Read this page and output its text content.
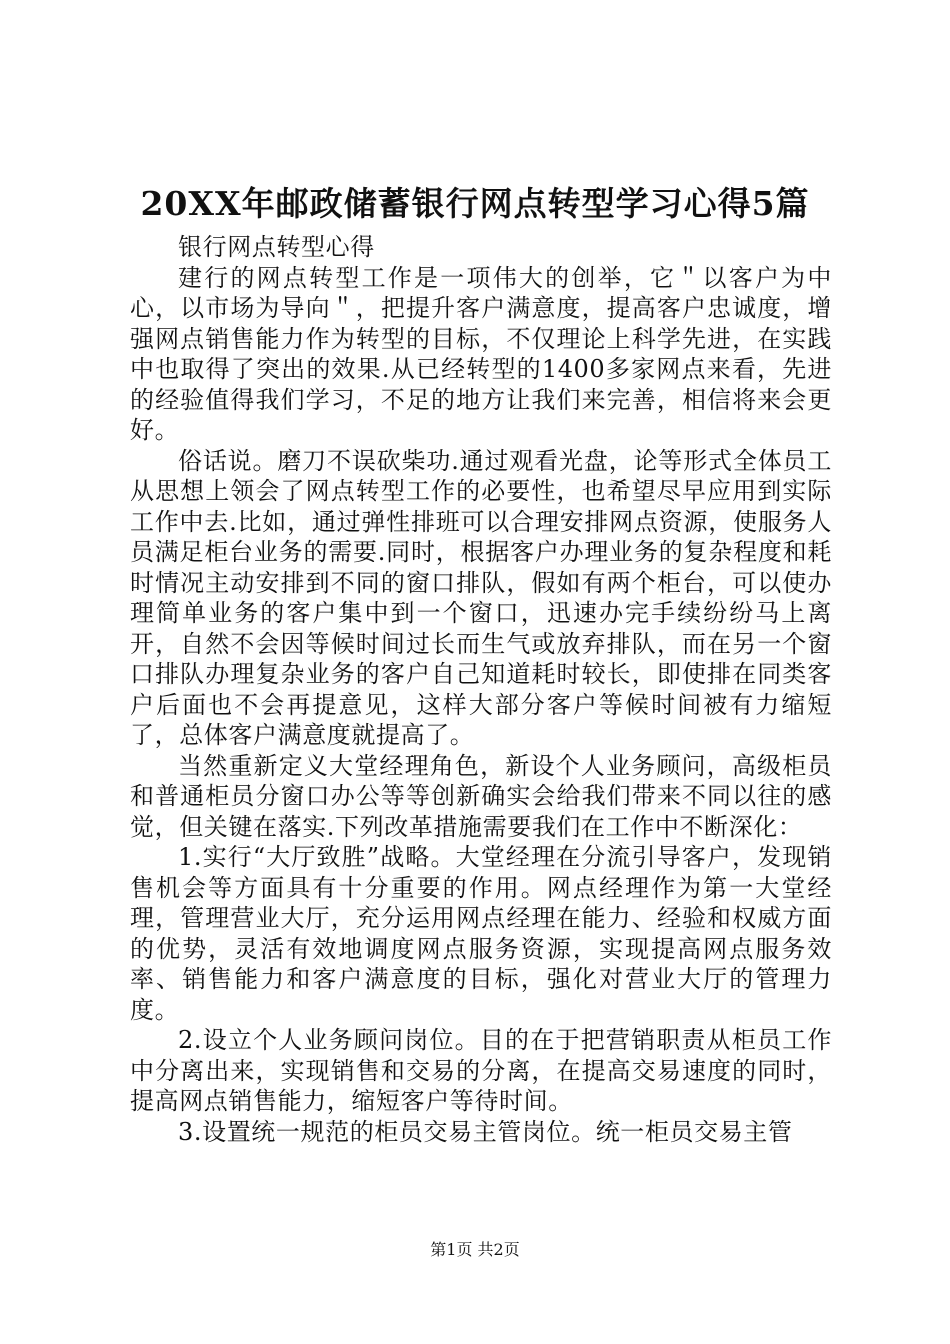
20XX年邮政储蓄银行网点转型学习心得5篇

银行网点转型心得

建行的网点转型工作是一项伟大的创举，它＂以客户为中心，以市场为导向＂，把提升客户满意度，提高客户忠诚度，增强网点销售能力作为转型的目标，不仅理论上科学先进，在实践中也取得了突出的效果.从已经转型的1400多家网点来看，先进的经验值得我们学习，不足的地方让我们来完善，相信将来会更好。

俗话说。磨刀不误砍柴功.通过观看光盘，论等形式全体员工从思想上领会了网点转型工作的必要性，也希望尽早应用到实际工作中去.比如，通过弹性排班可以合理安排网点资源，使服务人员满足柜台业务的需要.同时，根据客户办理业务的复杂程度和耗时情况主动安排到不同的窗口排队，假如有两个柜台，可以使办理简单业务的客户集中到一个窗口，迅速办完手续纷纷马上离开，自然不会因等候时间过长而生气或放弃排队，而在另一个窗口排队办理复杂业务的客户自己知道耗时较长，即使排在同类客户后面也不会再提意见，这样大部分客户等候时间被有力缩短了，总体客户满意度就提高了。

当然重新定义大堂经理角色，新设个人业务顾问，高级柜员和普通柜员分窗口办公等等创新确实会给我们带来不同以往的感觉，但关键在落实.下列改革措施需要我们在工作中不断深化：

1.实行“大厅致胜”战略。大堂经理在分流引导客户，发现销售机会等方面具有十分重要的作用。网点经理作为第一大堂经理，管理营业大厅，充分运用网点经理在能力、经验和权威方面的优势，灵活有效地调度网点服务资源，实现提高网点服务效率、销售能力和客户满意度的目标，强化对营业大厅的管理力度。

2.设立个人业务顾问岗位。目的在于把营销职责从柜员工作中分离出来，实现销售和交易的分离，在提高交易速度的同时，提高网点销售能力，缩短客户等待时间。

3.设置统一规范的柜员交易主管岗位。统一柜员交易主管

第1页 共2页
